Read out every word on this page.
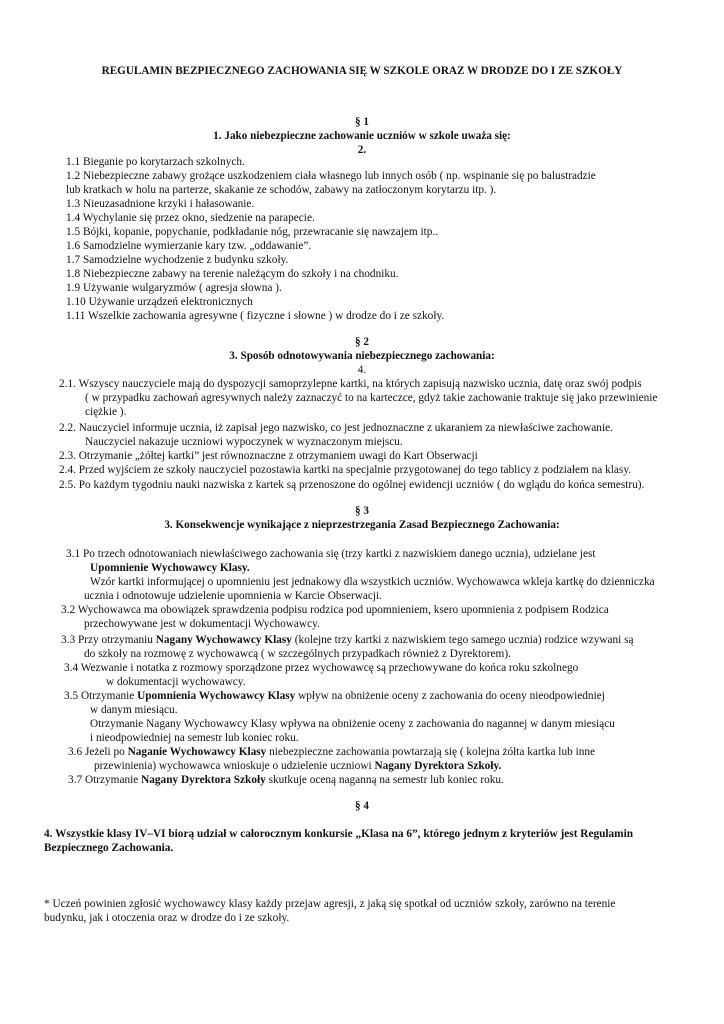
REGULAMIN BEZPIECZNEGO ZACHOWANIA SIĘ W SZKOLE ORAZ W DRODZE DO I ZE SZKOŁY
§ 1
1. Jako niebezpieczne zachowanie uczniów w szkole uważa się:
2.
1.1 Bieganie po korytarzach szkolnych.
1.2 Niebezpieczne zabawy grożące uszkodzeniem ciała własnego lub innych osób ( np. wspinanie się po balustradzie
lub kratkach w holu na parterze, skakanie ze schodów, zabawy na zatłoczonym korytarzu itp. ).
1.3 Nieuzasadnione krzyki i hałasowanie.
1.4 Wychylanie się przez okno, siedzenie na parapecie.
1.5 Bójki, kopanie, popychanie, podkładanie nóg, przewracanie się nawzajem itp..
1.6 Samodzielne wymierzanie kary tzw. „oddawanie”.
1.7 Samodzielne wychodzenie z budynku szkoły.
1.8 Niebezpieczne zabawy na terenie należącym do szkoły i na chodniku.
1.9 Używanie wulgaryzmów ( agresja słowna ).
1.10 Używanie urządzeń elektronicznych
1.11 Wszelkie zachowania agresywne ( fizyczne i słowne ) w drodze do i ze szkoły.
§ 2
3. Sposób odnotowywania niebezpiecznego zachowania:
4.
2.1. Wszyscy nauczyciele mają do dyspozycji samoprzylepne kartki, na których zapisują nazwisko ucznia, datę oraz swój podpis
( w przypadku zachowań agresywnych należy zaznaczyć to na karteczce, gdyż takie zachowanie traktuje się jako przewinienie
ciężkie ).
2.2. Nauczyciel informuje ucznia, iż zapisał jego nazwisko, co jest jednoznaczne z ukaraniem za niewłaściwe zachowanie.
Nauczyciel nakazuje uczniowi wypoczynek w wyznaczonym miejscu.
2.3. Otrzymanie „żółtej kartki” jest równoznaczne z otrzymaniem uwagi do Kart Obserwacji
2.4. Przed wyjściem ze szkoły nauczyciel pozostawia kartki na specjalnie przygotowanej do tego tablicy z podziałem na klasy.
2.5. Po każdym tygodniu nauki nazwiska z kartek są przenoszone do ogólnej ewidencji uczniów ( do wglądu do końca semestru).
§ 3
3. Konsekwencje wynikające z nieprzestrzegania Zasad Bezpiecznego Zachowania:
3.1 Po trzech odnotowaniach niewłaściwego zachowania się (trzy kartki z nazwiskiem danego ucznia), udzielane jest
Upomnienie Wychowawcy Klasy.
Wzór kartki informującej o upomnieniu jest jednakowy dla wszystkich uczniów. Wychowawca wkleja kartkę do dzienniczka
ucznia i odnotowuje udzielenie upomnienia w Karcie Obserwacji.
3.2 Wychowawca ma obowiązek sprawdzenia podpisu rodzica pod upomnieniem, ksero upomnienia z podpisem Rodzica
przechowywane jest w dokumentacji Wychowawcy.
3.3 Przy otrzymaniu Nagany Wychowawcy Klasy (kolejne trzy kartki z nazwiskiem tego samego ucznia) rodzice wzywani są
do szkoły na rozmowę z wychowawcą ( w szczególnych przypadkach również z Dyrektorem).
3.4 Wezwanie i notatka z rozmowy sporządzone przez wychowawcę są przechowywane do końca roku szkolnego
w dokumentacji wychowawcy.
3.5 Otrzymanie Upomnienia Wychowawcy Klasy wpływ na obniżenie oceny z zachowania do oceny nieodpowiedniej
w danym miesiącu.
Otrzymanie Nagany Wychowawcy Klasy wpływa na obniżenie oceny z zachowania do nagannej w danym miesiącu
i nieodpowiedniej na semestr lub koniec roku.
3.6 Jeżeli po Naganie Wychowawcy Klasy niebezpieczne zachowania powtarzają się ( kolejna żółta kartka lub inne
przewinienia) wychowawca wnioskuje o udzielenie uczniowi Nagany Dyrektora Szkoły.
3.7 Otrzymanie Nagany Dyrektora Szkoły skutkuje oceną naganną na semestr lub koniec roku.
§ 4
4. Wszystkie klasy IV–VI biorą udział w całorocznym konkursie „Klasa na 6”, którego jednym z kryteriów jest Regulamin
Bezpiecznego Zachowania.
* Uczeń powinien zgłosić wychowawcy klasy każdy przejaw agresji, z jaką się spotkał od uczniów szkoły, zarówno na terenie
budynku, jak i otoczenia oraz w drodze do i ze szkoły.
